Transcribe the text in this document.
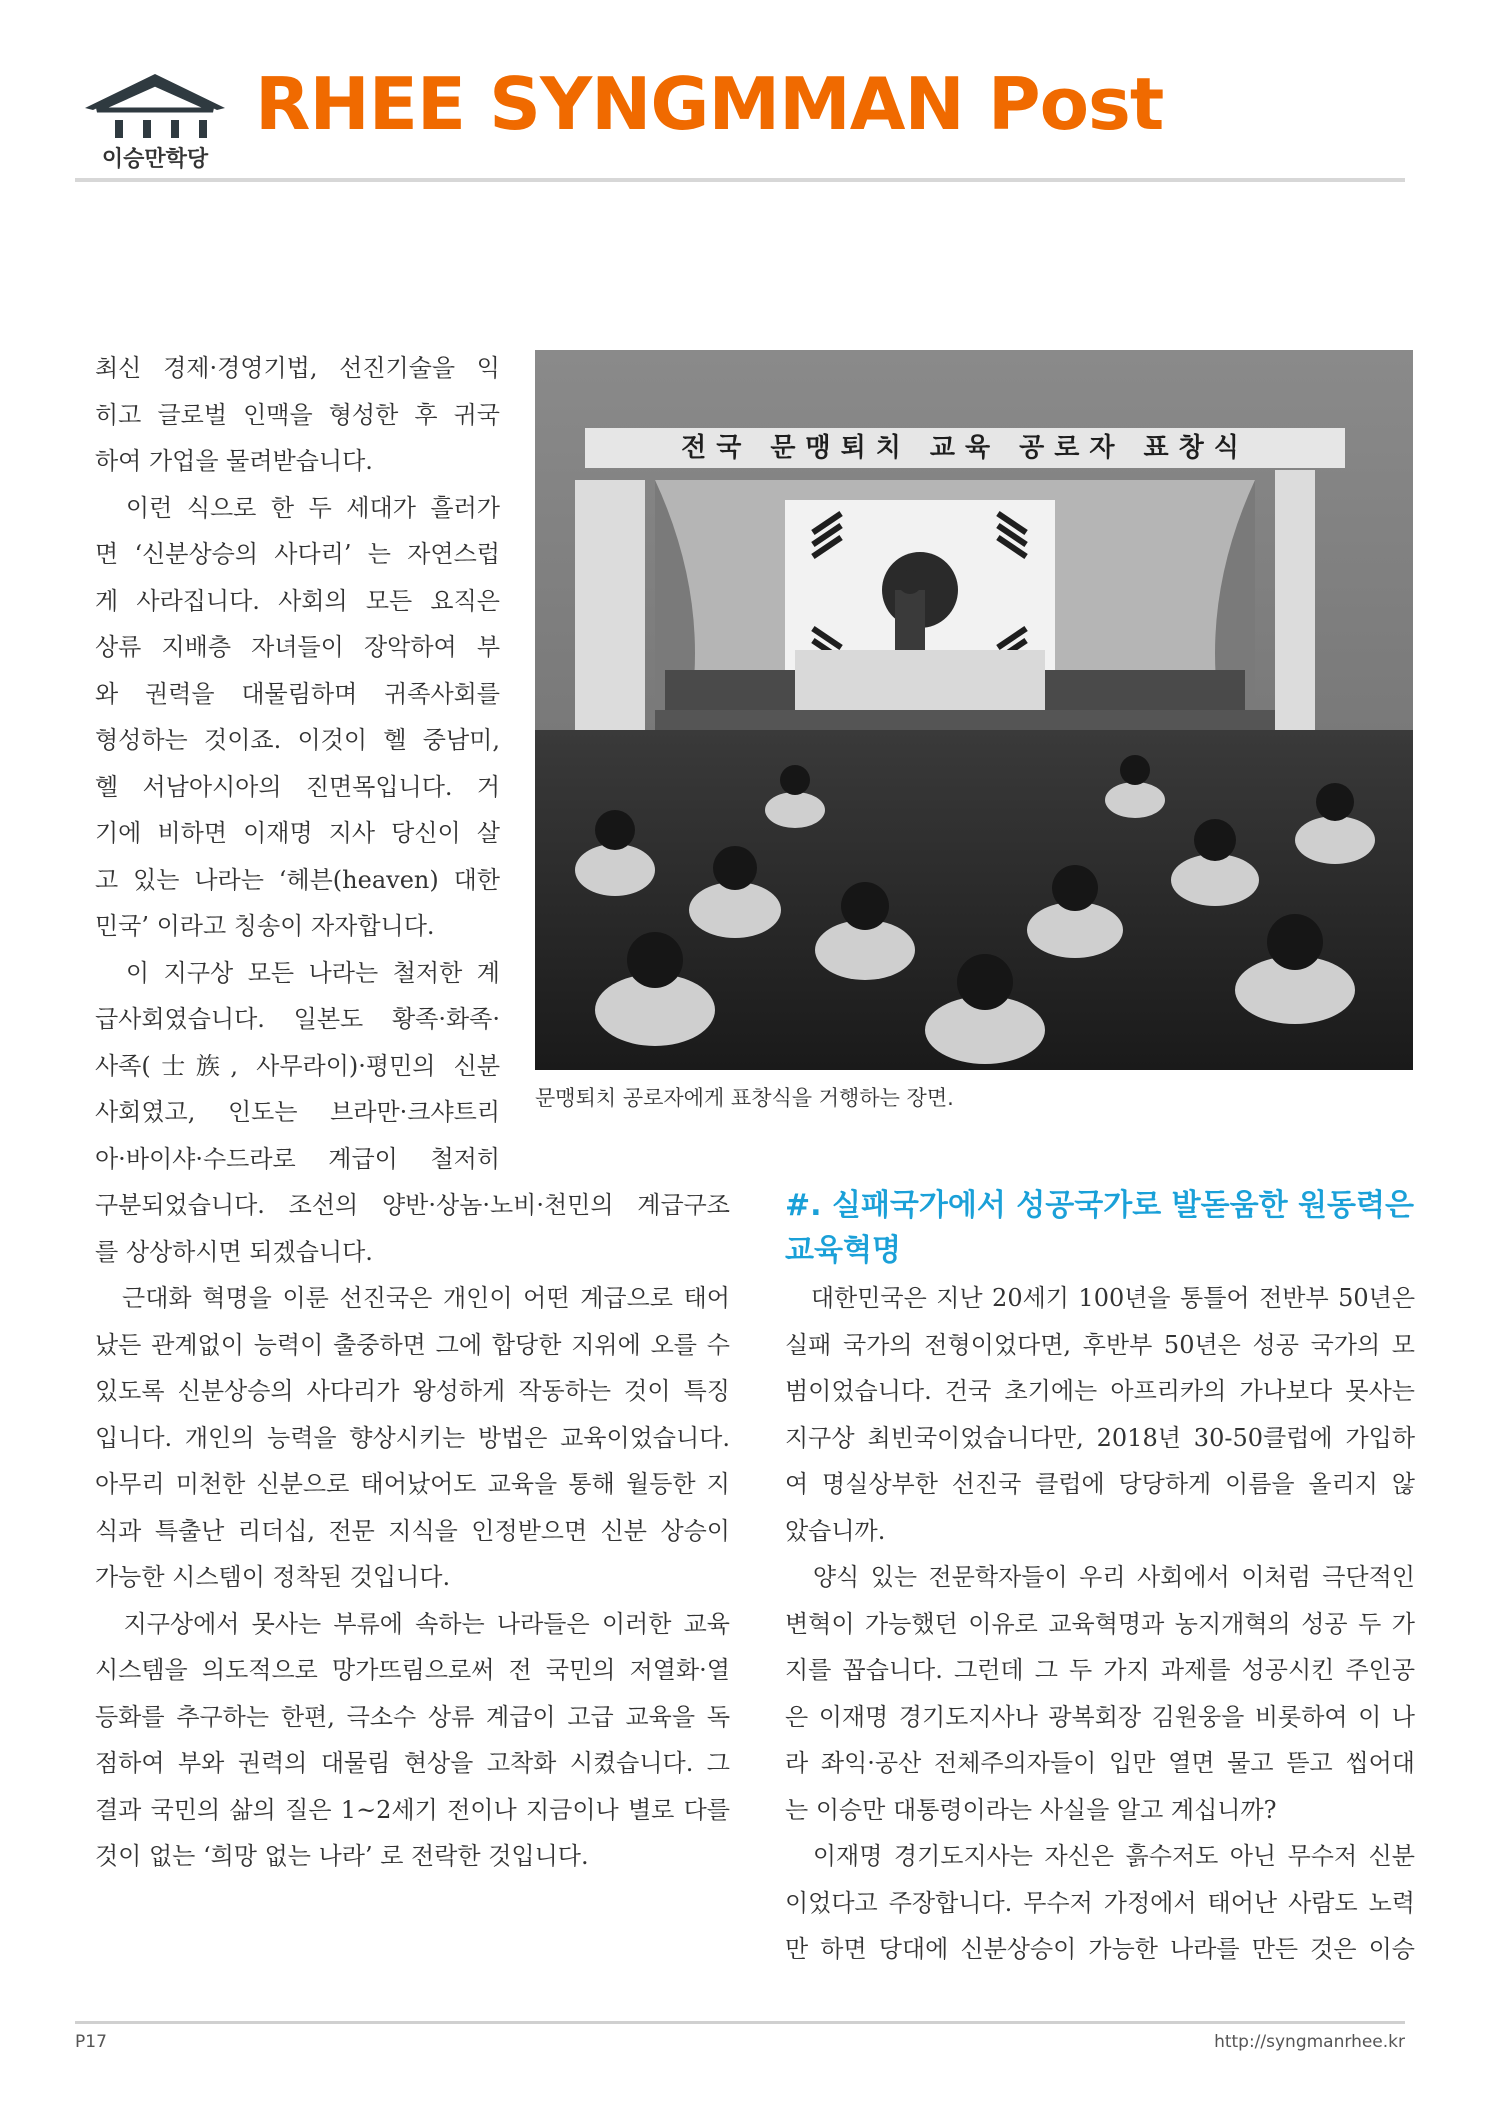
이승만학당
RHEE SYNGMMAN Post
최신 경제·경영기법, 선진기술을 익
히고 글로벌 인맥을 형성한 후 귀국
하여 가업을 물려받습니다.
　이런 식으로 한 두 세대가 흘러가
면 ‘신분상승의 사다리’ 는 자연스럽
게 사라집니다. 사회의 모든 요직은
상류 지배층 자녀들이 장악하여 부
와 권력을 대물림하며 귀족사회를
형성하는 것이죠. 이것이 헬 중남미,
헬 서남아시아의 진면목입니다. 거
기에 비하면 이재명 지사 당신이 살
고 있는 나라는 ‘헤븐(heaven) 대한
민국’ 이라고 칭송이 자자합니다.
　이 지구상 모든 나라는 철저한 계
급사회였습니다. 일본도 황족·화족·
사족(士族, 사무라이)·평민의 신분
사회였고, 인도는 브라만·크샤트리
아·바이샤·수드라로 계급이 철저히
전국 문맹퇴치 교육 공로자 표창식
문맹퇴치 공로자에게 표창식을 거행하는 장면.
구분되었습니다. 조선의 양반·상놈·노비·천민의 계급구조
를 상상하시면 되겠습니다.
　근대화 혁명을 이룬 선진국은 개인이 어떤 계급으로 태어
났든 관계없이 능력이 출중하면 그에 합당한 지위에 오를 수
있도록 신분상승의 사다리가 왕성하게 작동하는 것이 특징
입니다. 개인의 능력을 향상시키는 방법은 교육이었습니다.
아무리 미천한 신분으로 태어났어도 교육을 통해 월등한 지
식과 특출난 리더십, 전문 지식을 인정받으면 신분 상승이
가능한 시스템이 정착된 것입니다.
　지구상에서 못사는 부류에 속하는 나라들은 이러한 교육
시스템을 의도적으로 망가뜨림으로써 전 국민의 저열화·열
등화를 추구하는 한편, 극소수 상류 계급이 고급 교육을 독
점하여 부와 권력의 대물림 현상을 고착화 시켰습니다. 그
결과 국민의 삶의 질은 1~2세기 전이나 지금이나 별로 다를
것이 없는 ‘희망 없는 나라’ 로 전락한 것입니다.
#. 실패국가에서 성공국가로 발돋움한 원동력은
교육혁명
　대한민국은 지난 20세기 100년을 통틀어 전반부 50년은
실패 국가의 전형이었다면, 후반부 50년은 성공 국가의 모
범이었습니다. 건국 초기에는 아프리카의 가나보다 못사는
지구상 최빈국이었습니다만, 2018년 30-50클럽에 가입하
여 명실상부한 선진국 클럽에 당당하게 이름을 올리지 않
았습니까.
　양식 있는 전문학자들이 우리 사회에서 이처럼 극단적인
변혁이 가능했던 이유로 교육혁명과 농지개혁의 성공 두 가
지를 꼽습니다. 그런데 그 두 가지 과제를 성공시킨 주인공
은 이재명 경기도지사나 광복회장 김원웅을 비롯하여 이 나
라 좌익·공산 전체주의자들이 입만 열면 물고 뜯고 씹어대
는 이승만 대통령이라는 사실을 알고 계십니까?
　이재명 경기도지사는 자신은 흙수저도 아닌 무수저 신분
이었다고 주장합니다. 무수저 가정에서 태어난 사람도 노력
만 하면 당대에 신분상승이 가능한 나라를 만든 것은 이승
P17	http://syngmanrhee.kr
